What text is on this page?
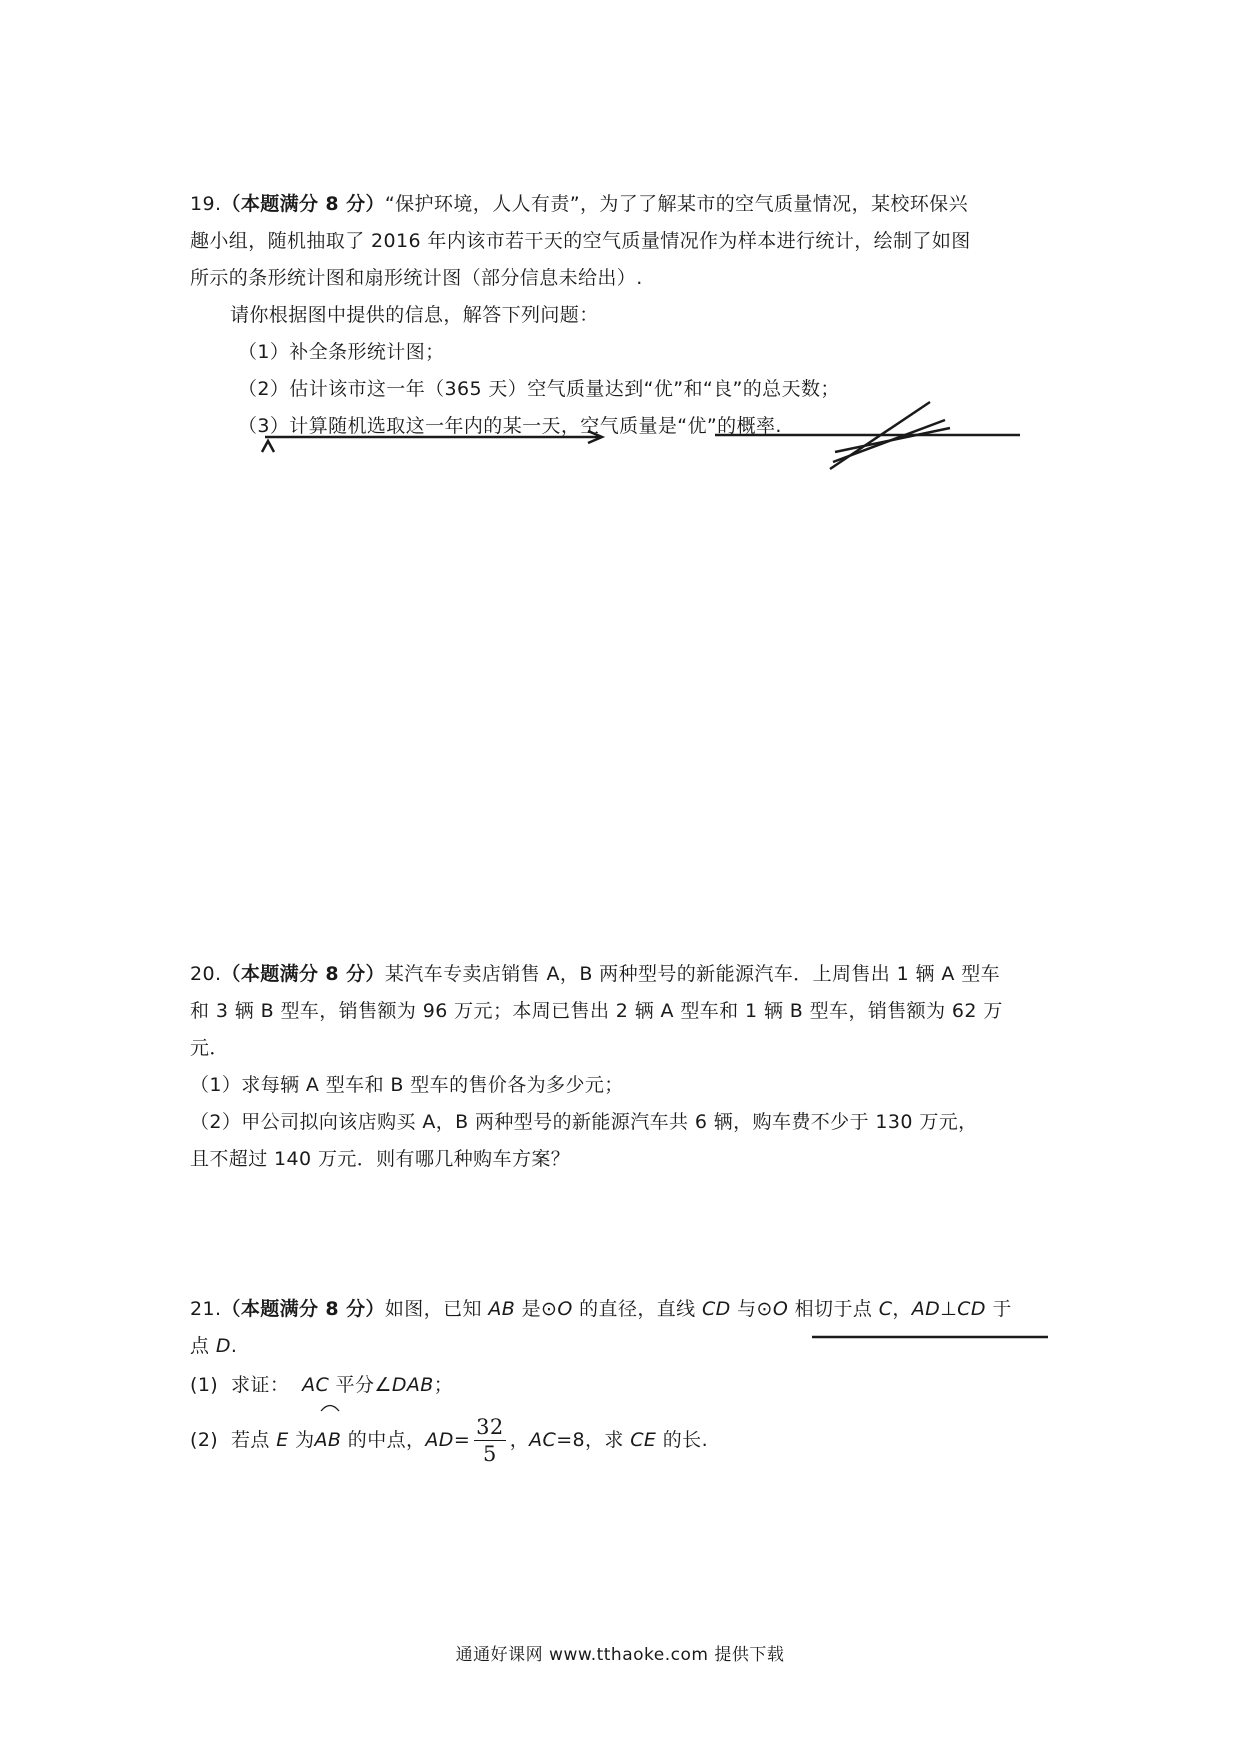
19.（本题满分 8 分）“保护环境，人人有责”，为了了解某市的空气质量情况，某校环保兴
趣小组，随机抽取了 2016 年内该市若干天的空气质量情况作为样本进行统计，绘制了如图
所示的条形统计图和扇形统计图（部分信息未给出）.
请你根据图中提供的信息，解答下列问题：
（1）补全条形统计图；
（2）估计该市这一年（365 天）空气质量达到“优”和“良”的总天数；
（3）计算随机选取这一年内的某一天，空气质量是“优”的概率.
20.（本题满分 8 分）某汽车专卖店销售 A，B 两种型号的新能源汽车．上周售出 1 辆 A 型车
和 3 辆 B 型车，销售额为 96 万元；本周已售出 2 辆 A 型车和 1 辆 B 型车，销售额为 62 万
元．
（1）求每辆 A 型车和 B 型车的售价各为多少元；
（2）甲公司拟向该店购买 A，B 两种型号的新能源汽车共 6 辆，购车费不少于 130 万元，
且不超过 140 万元．则有哪几种购车方案？
21.（本题满分 8 分）如图，已知 AB 是⊙O 的直径，直线 CD 与⊙O 相切于点 C，AD⊥CD 于
点 D.
(1) 求证： AC 平分∠DAB；
(2) 若点 E 为
AB 的中点，$AD= \frac{32}{5}$ ，AC=8，求 CE 的长.
通通好课网 www.tthaoke.com 提供下载
